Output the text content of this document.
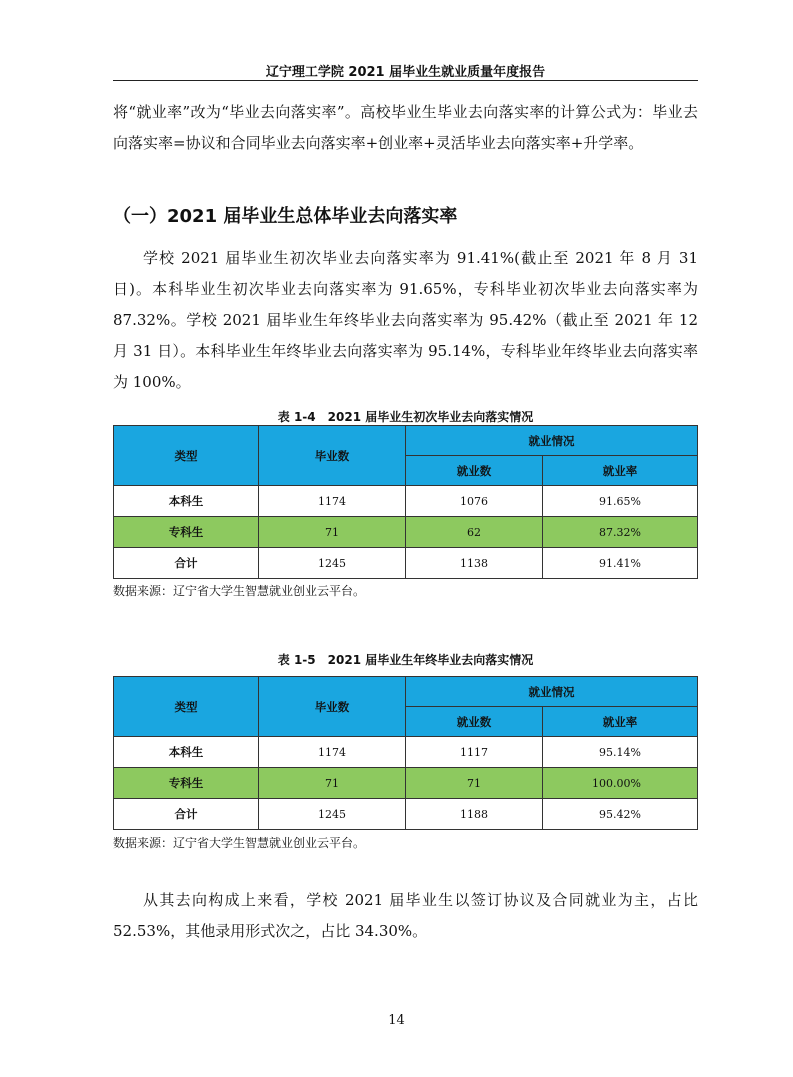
辽宁理工学院 2021 届毕业生就业质量年度报告

将“就业率”改为“毕业去向落实率”。高校毕业生毕业去向落实率的计算公式为：毕业去向落实率=协议和合同毕业去向落实率+创业率+灵活毕业去向落实率+升学率。

（一）2021 届毕业生总体毕业去向落实率

学校 2021 届毕业生初次毕业去向落实率为 91.41%(截止至 2021 年 8 月 31 日)。本科毕业生初次毕业去向落实率为 91.65%，专科毕业初次毕业去向落实率为 87.32%。学校 2021 届毕业生年终毕业去向落实率为 95.42%（截止至 2021 年 12 月 31 日）。本科毕业生年终毕业去向落实率为 95.14%，专科毕业年终毕业去向落实率为 100%。

表 1-4　2021 届毕业生初次毕业去向落实情况
类型	毕业数	就业情况	
		就业数	就业率
本科生	1174	1076	91.65%
专科生	71	62	87.32%
合计	1245	1138	91.41%
数据来源：辽宁省大学生智慧就业创业云平台。
表 1-5　2021 届毕业生年终毕业去向落实情况
类型	毕业数	就业情况	
		就业数	就业率
本科生	1174	1117	95.14%
专科生	71	71	100.00%
合计	1245	1188	95.42%
数据来源：辽宁省大学生智慧就业创业云平台。

从其去向构成上来看，学校 2021 届毕业生以签订协议及合同就业为主，占比 52.53%，其他录用形式次之，占比 34.30%。

14
